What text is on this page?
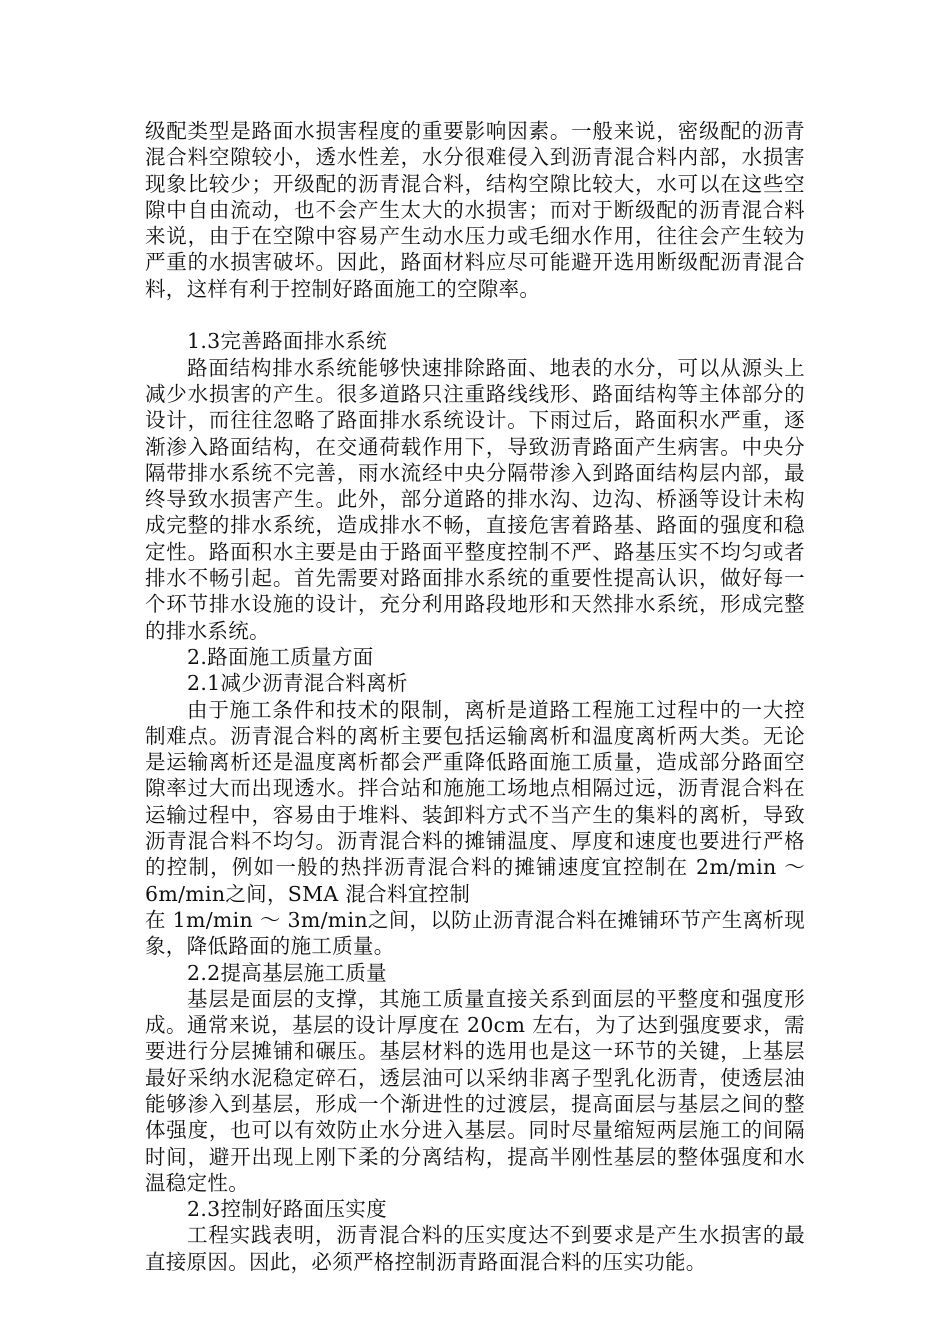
级配类型是路面水损害程度的重要影响因素。一般来说，密级配的沥青混合料空隙较小，透水性差，水分很难侵入到沥青混合料内部，水损害现象比较少；开级配的沥青混合料，结构空隙比较大，水可以在这些空隙中自由流动，也不会产生太大的水损害；而对于断级配的沥青混合料来说，由于在空隙中容易产生动水压力或毛细水作用，往往会产生较为严重的水损害破坏。因此，路面材料应尽可能避开选用断级配沥青混合料，这样有利于控制好路面施工的空隙率。

1.3完善路面排水系统

路面结构排水系统能够快速排除路面、地表的水分，可以从源头上减少水损害的产生。很多道路只注重路线线形、路面结构等主体部分的设计，而往往忽略了路面排水系统设计。下雨过后，路面积水严重，逐渐渗入路面结构，在交通荷载作用下，导致沥青路面产生病害。中央分隔带排水系统不完善，雨水流经中央分隔带渗入到路面结构层内部，最终导致水损害产生。此外，部分道路的排水沟、边沟、桥涵等设计未构成完整的排水系统，造成排水不畅，直接危害着路基、路面的强度和稳定性。路面积水主要是由于路面平整度控制不严、路基压实不均匀或者排水不畅引起。首先需要对路面排水系统的重要性提高认识，做好每一个环节排水设施的设计，充分利用路段地形和天然排水系统，形成完整的排水系统。

2.路面施工质量方面

2.1减少沥青混合料离析

由于施工条件和技术的限制，离析是道路工程施工过程中的一大控制难点。沥青混合料的离析主要包括运输离析和温度离析两大类。无论是运输离析还是温度离析都会严重降低路面施工质量，造成部分路面空隙率过大而出现透水。拌合站和施施工场地点相隔过远，沥青混合料在运输过程中，容易由于堆料、装卸料方式不当产生的集料的离析，导致沥青混合料不均匀。沥青混合料的摊铺温度、厚度和速度也要进行严格的控制，例如一般的热拌沥青混合料的摊铺速度宜控制在 2m/min ～ 6m/min之间，SMA 混合料宜控制

在 1m/min ～ 3m/min之间，以防止沥青混合料在摊铺环节产生离析现象，降低路面的施工质量。

2.2提高基层施工质量

基层是面层的支撑，其施工质量直接关系到面层的平整度和强度形成。通常来说，基层的设计厚度在 20cm 左右，为了达到强度要求，需要进行分层摊铺和碾压。基层材料的选用也是这一环节的关键，上基层最好采纳水泥稳定碎石，透层油可以采纳非离子型乳化沥青，使透层油能够渗入到基层，形成一个渐进性的过渡层，提高面层与基层之间的整体强度，也可以有效防止水分进入基层。同时尽量缩短两层施工的间隔时间，避开出现上刚下柔的分离结构，提高半刚性基层的整体强度和水温稳定性。

2.3控制好路面压实度

工程实践表明，沥青混合料的压实度达不到要求是产生水损害的最直接原因。因此，必须严格控制沥青路面混合料的压实功能。
